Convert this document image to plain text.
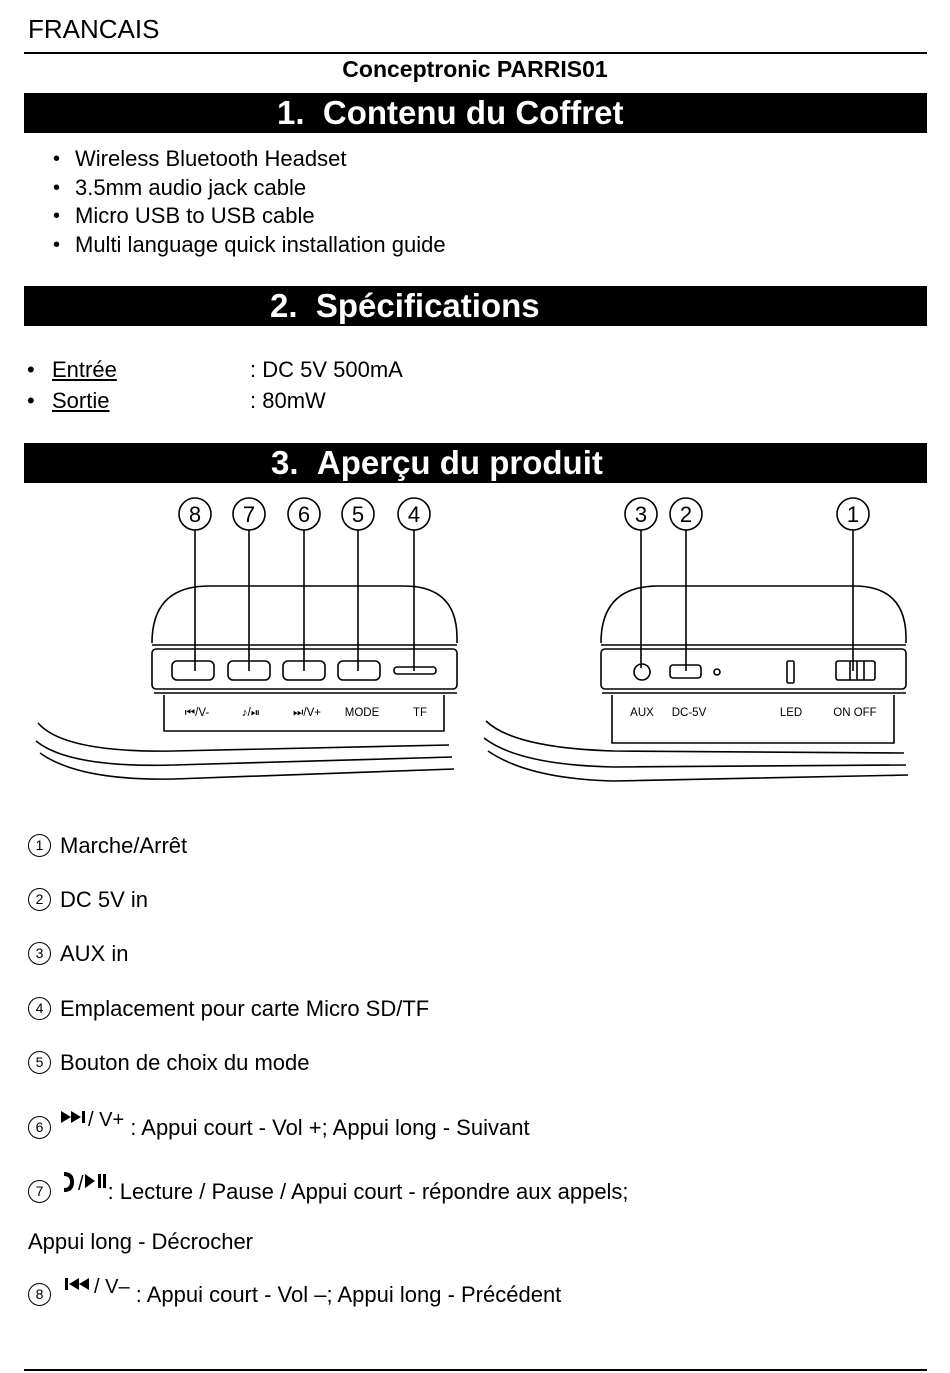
FRANCAIS
Conceptronic PARRIS01
1. Contenu du Coffret
• Wireless Bluetooth Headset
• 3.5mm audio jack cable
• Micro USB to USB cable
• Multi language quick installation guide
2. Spécifications
• Entrée	: DC 5V 500mA
• Sortie	: 80mW
3. Aperçu du produit
8 7 6 5 4	3 2	1
⏮/V-	♪/⏯	⏭/V+ MODE	TF	AUX DC-5V	LED	ON OFF
1 Marche/Arrêt
2 DC 5V in
3 AUX in
4 Emplacement pour carte Micro SD/TF
5 Bouton de choix du mode
6 / V+ : Appui court - Vol +; Appui long - Suivant
7 /: Lecture / Pause / Appui court - répondre aux appels;
Appui long - Décrocher
8	/ V– : Appui court - Vol –; Appui long - Précédent
